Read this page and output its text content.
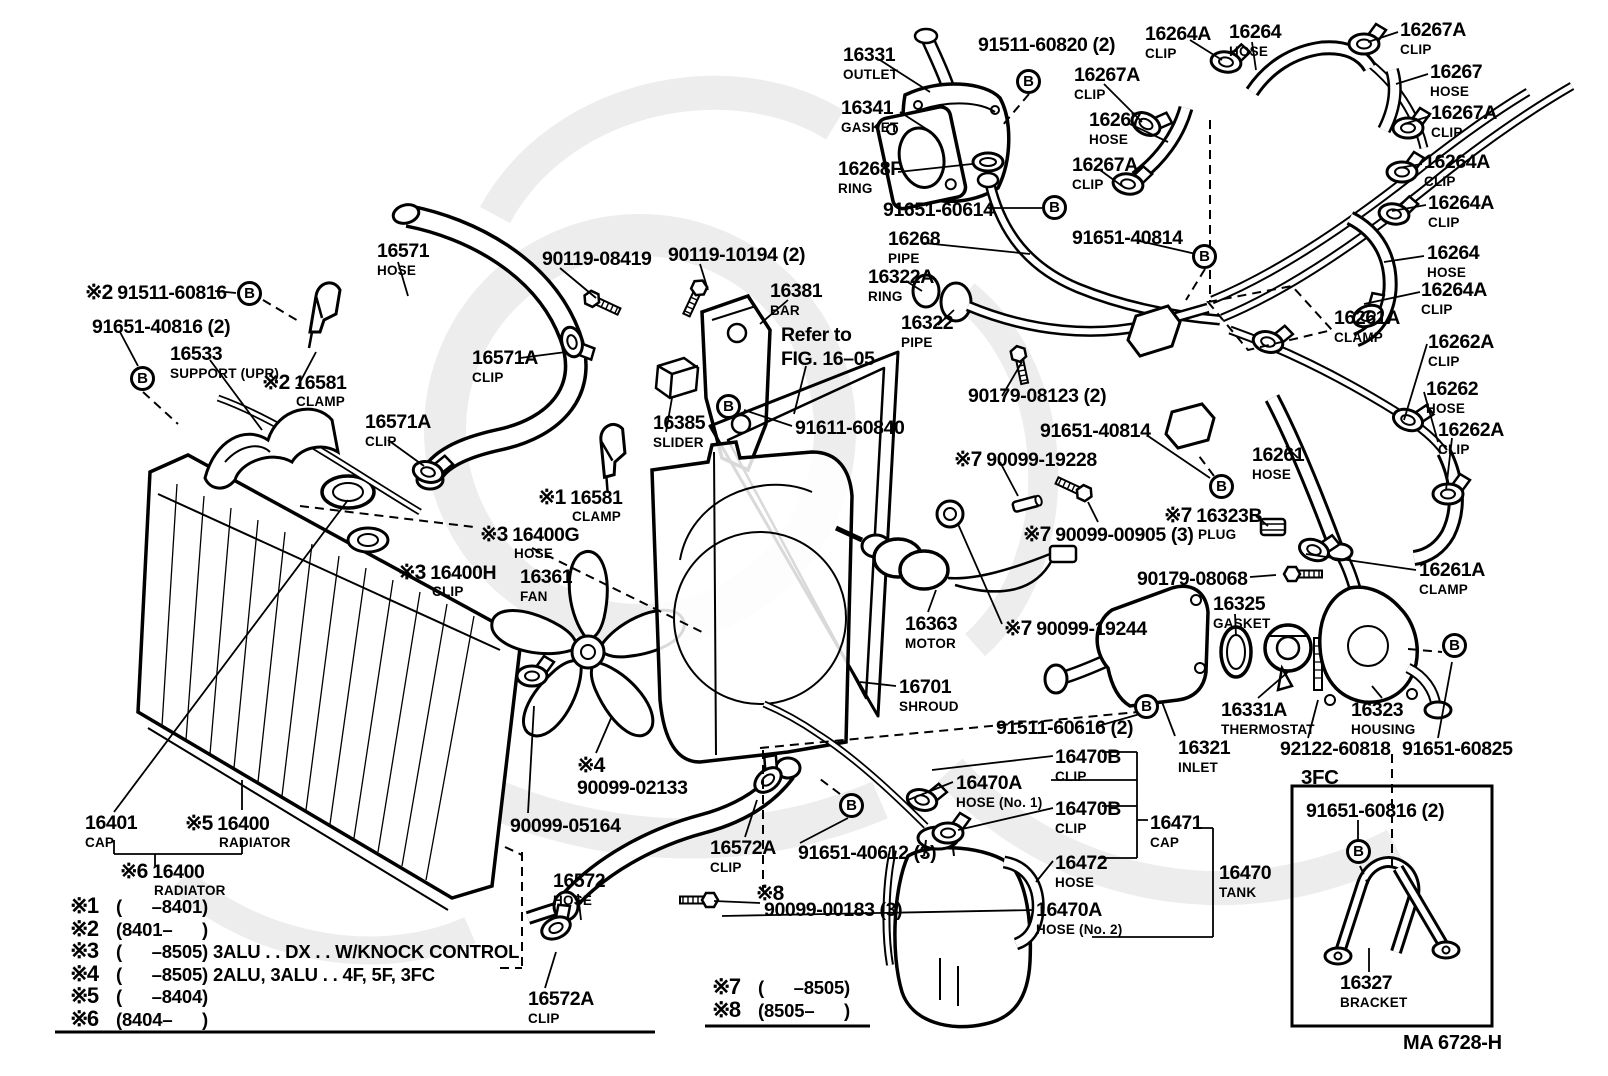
16571
HOSE	90119-08419 90119-10194 (2)
※2 91511-60816
91651-40816 (2)
16533
SUPPORT (UPR)
※2 16581
CLAMP
16571A
CLIP
16571A
CLIP
16381
BAR
16385
SLIDER
Refer to
FIG. 16–05
91611-60840
※1 16581
CLAMP
※3 16400G
HOSE
※3 16400H
CLIP
16361
FAN
16331
OUTLET
91511-60820 (2)
16341
GASKET
16268F
RING
91651-60614
16268
PIPE
16322A
RING
16322
PIPE
90179-08123 (2)
91651-40814
91651-40814
※7 90099-19228
※7 90099-00905 (3)
※7 16323B
PLUG
90179-08068
16325
GASKET
※7 90099-19244
16363
MOTOR
16701
SHROUD	16331A
THERMOSTAT
16323
HOUSING
91511-60616 (2)
16321
INLET
92122-60818 91651-60825
16261A
CLAMP
16261
HOSE
16264A
CLIP
16264
HOSE
16267A
CLIP
16267A
CLIP
16267
HOSE
16267
HOSE
16267A
CLIP
16267A
CLIP
16264A
CLIP
16264A
CLIP
16264
HOSE
16264A
CLIP
16261A
CLAMP	16262A
CLIP
16262
HOSE
16262A
CLIP
※4
90099-02133
90099-05164
16401
CAP
※5 16400
RADIATOR
※6 16400
RADIATOR
16572A
CLIP
91651-40612 (3)
16572
HOSE	※8
90099-00183 (3)
16470B
CLIP
16470A
HOSE (No. 1) 16470B
CLIP	16471
CAP
16472
HOSE
16470A
HOSE (No. 2)
16470
TANK
16572A
CLIP
3FC
91651-60816 (2)
16327
BRACKET
B
B
B
B
B
B
B
B
B
B
B
※1 (      –8401)
※2 (8401–      )
※3 (      –8505) 3ALU . . DX . . W/KNOCK CONTROL
※4 (      –8505) 2ALU, 3ALU . . 4F, 5F, 3FC
※5 (      –8404)
※6 (8404–      )
※7 (      –8505)
※8 (8505–      )
MA 6728-H
